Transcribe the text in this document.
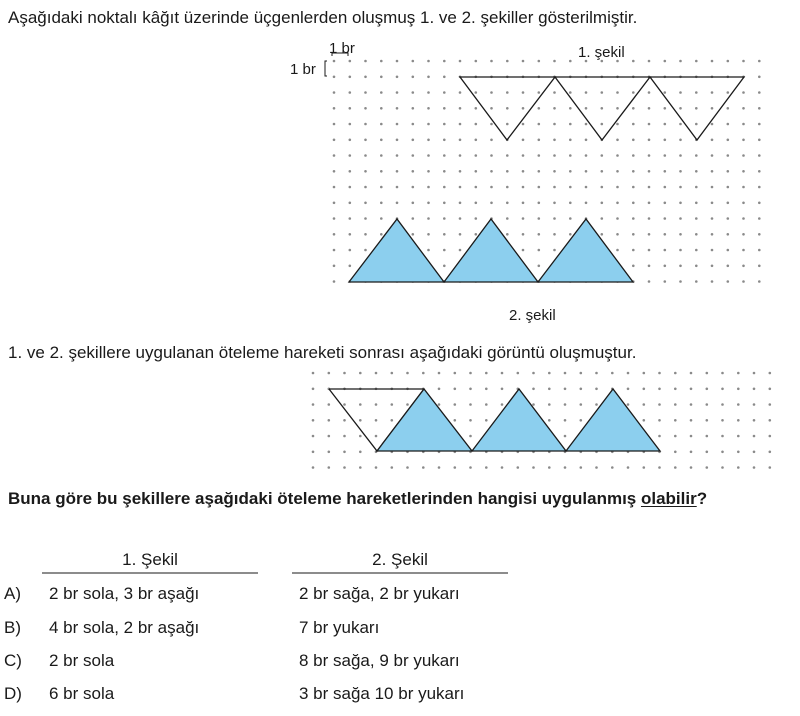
Aşağıdaki noktalı kâğıt üzerinde üçgenlerden oluşmuş 1. ve 2. şekiller gösterilmiştir.
1 br
1 br
1. şekil
2. şekil
1. ve 2. şekillere uygulanan öteleme hareketi sonrası aşağıdaki görüntü oluşmuştur.
Buna göre bu şekillere aşağıdaki öteleme hareketlerinden hangisi uygulanmış olabilir?
1. Şekil	2. Şekil
A) 2 br sola, 3 br aşağı	2 br sağa, 2 br yukarı
B) 4 br sola, 2 br aşağı	7 br yukarı
C) 2 br sola	8 br sağa, 9 br yukarı
D) 6 br sola	3 br sağa 10 br yukarı
